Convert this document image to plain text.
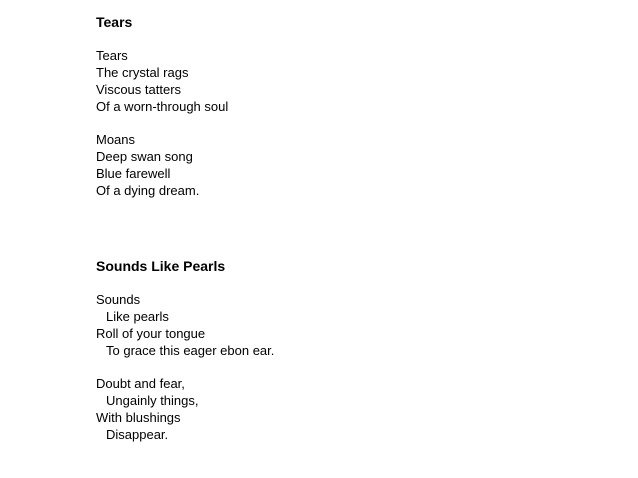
Tears
Tears
The crystal rags
Viscous tatters
Of a worn-through soul
Moans
Deep swan song
Blue farewell
Of a dying dream.
Sounds Like Pearls
Sounds
Like pearls
Roll of your tongue
To grace this eager ebon ear.
Doubt and fear,
Ungainly things,
With blushings
Disappear.
